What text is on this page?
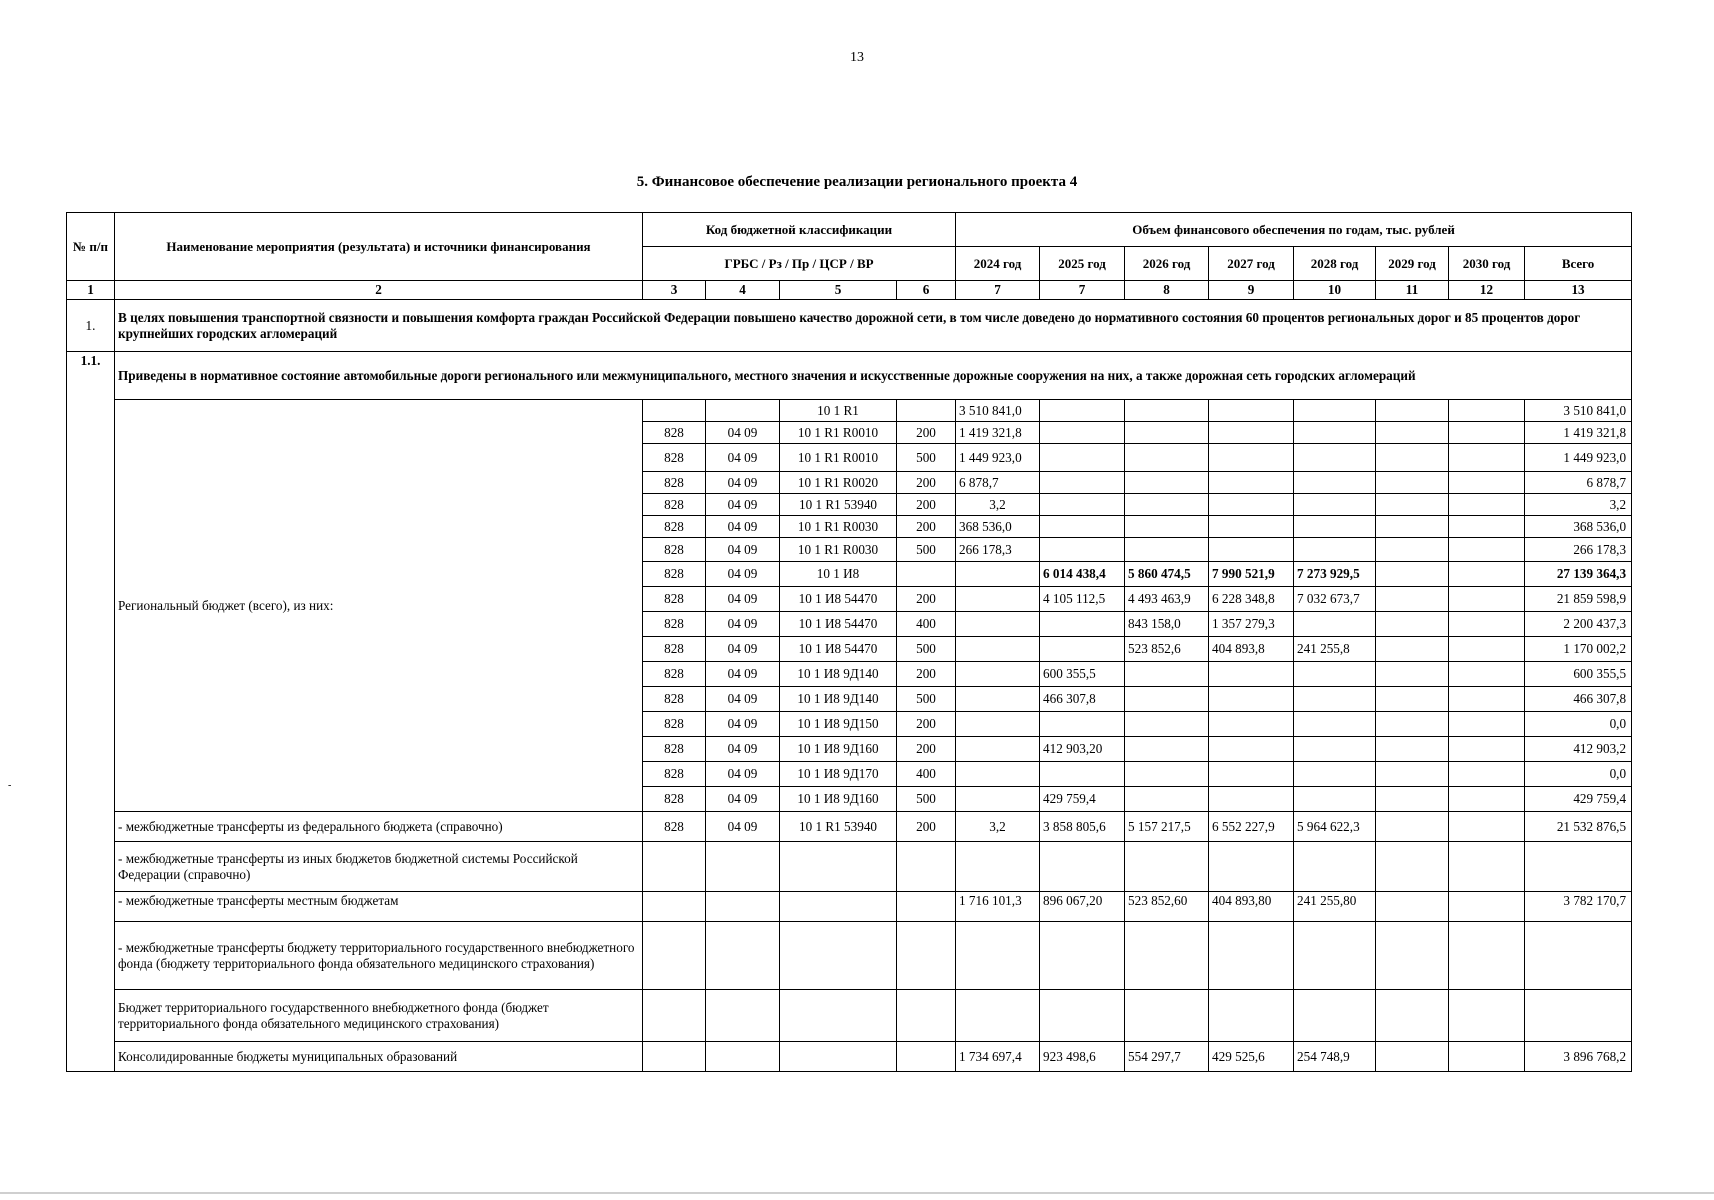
13
5. Финансовое обеспечение реализации регионального проекта 4
-
№ п/п	Наименование мероприятия (результата) и источники финансирования	Код бюджетной классификации				Объем финансового обеспечения по годам, тыс. рублей							
		ГРБС / Рз / Пр / ЦСР / ВР				2024 год	2025 год	2026 год	2027 год	2028 год	2029 год	2030 год	Всего
1	2	3	4	5	6	7	7	8	9	10	11	12	13
1.	В целях повышения транспортной связности и повышения комфорта граждан Российской Федерации повышено качество дорожной сети, в том числе доведено до нормативного состояния 60 процентов региональных дорог и 85 процентов дорог крупнейших городских агломераций												
1.1.	Приведены в нормативное состояние автомобильные дороги регионального или межмуниципального, местного значения и искусственные дорожные сооружения на них, а также дорожная сеть городских агломераций												
	Региональный бюджет (всего), из них:			10 1 R1		3 510 841,0							3 510 841,0
		828	04 09	10 1 R1 R0010	200	1 419 321,8							1 419 321,8
		828	04 09	10 1 R1 R0010	500	1 449 923,0							1 449 923,0
		828	04 09	10 1 R1 R0020	200	6 878,7							6 878,7
		828	04 09	10 1 R1 53940	200	3,2							3,2
		828	04 09	10 1 R1 R0030	200	368 536,0							368 536,0
		828	04 09	10 1 R1 R0030	500	266 178,3							266 178,3
		828	04 09	10 1 И8			6 014 438,4	5 860 474,5	7 990 521,9	7 273 929,5			27 139 364,3
		828	04 09	10 1 И8 54470	200		4 105 112,5	4 493 463,9	6 228 348,8	7 032 673,7			21 859 598,9
		828	04 09	10 1 И8 54470	400			843 158,0	1 357 279,3				2 200 437,3
		828	04 09	10 1 И8 54470	500			523 852,6	404 893,8	241 255,8			1 170 002,2
		828	04 09	10 1 И8 9Д140	200		600 355,5						600 355,5
		828	04 09	10 1 И8 9Д140	500		466 307,8						466 307,8
		828	04 09	10 1 И8 9Д150	200								0,0
		828	04 09	10 1 И8 9Д160	200		412 903,20						412 903,2
		828	04 09	10 1 И8 9Д170	400								0,0
		828	04 09	10 1 И8 9Д160	500		429 759,4						429 759,4
	- межбюджетные трансферты из федерального бюджета (справочно)	828	04 09	10 1 R1 53940	200	3,2	3 858 805,6	5 157 217,5	6 552 227,9	5 964 622,3			21 532 876,5
	- межбюджетные трансферты из иных бюджетов бюджетной системы Российской Федерации (справочно)												
	- межбюджетные трансферты местным бюджетам					1 716 101,3	896 067,20	523 852,60	404 893,80	241 255,80			3 782 170,7
	- межбюджетные трансферты бюджету территориального государственного внебюджетного фонда (бюджету территориального фонда обязательного медицинского страхования)												
	Бюджет территориального государственного внебюджетного фонда (бюджет территориального фонда обязательного медицинского страхования)												
	Консолидированные бюджеты муниципальных образований					1 734 697,4	923 498,6	554 297,7	429 525,6	254 748,9			3 896 768,2
